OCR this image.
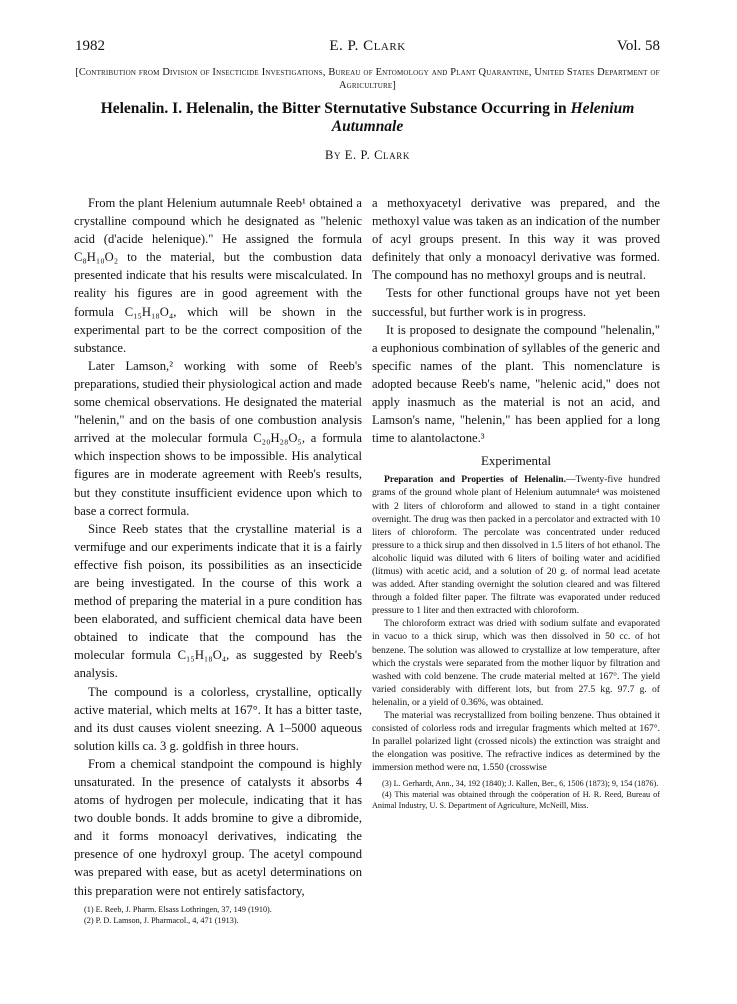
1982	E. P. Clark	Vol. 58
[Contribution from Division of Insecticide Investigations, Bureau of Entomology and Plant Quarantine, United States Department of Agriculture]
Helenalin. I. Helenalin, the Bitter Sternutative Substance Occurring in Helenium Autumnale
By E. P. Clark

From the plant Helenium autumnale Reeb¹ obtained a crystalline compound which he designated as "helenic acid (d'acide helenique)." He assigned the formula C₈H₁₀O₂ to the material, but the combustion data presented indicate that his results were miscalculated. In reality his figures are in good agreement with the formula C₁₅H₁₈O₄, which will be shown in the experimental part to be the correct composition of the substance.

Later Lamson,² working with some of Reeb's preparations, studied their physiological action and made some chemical observations. He designated the material "helenin," and on the basis of one combustion analysis arrived at the molecular formula C₂₀H₂₈O₅, a formula which inspection shows to be impossible. His analytical figures are in moderate agreement with Reeb's results, but they constitute insufficient evidence upon which to base a correct formula.

Since Reeb states that the crystalline material is a vermifuge and our experiments indicate that it is a fairly effective fish poison, its possibilities as an insecticide are being investigated. In the course of this work a method of preparing the material in a pure condition has been elaborated, and sufficient chemical data have been obtained to indicate that the compound has the molecular formula C₁₅H₁₈O₄, as suggested by Reeb's analysis.

The compound is a colorless, crystalline, optically active material, which melts at 167°. It has a bitter taste, and its dust causes violent sneezing. A 1–5000 aqueous solution kills ca. 3 g. goldfish in three hours.

From a chemical standpoint the compound is highly unsaturated. In the presence of catalysts it absorbs 4 atoms of hydrogen per molecule, indicating that it has two double bonds. It adds bromine to give a dibromide, and it forms monoacyl derivatives, indicating the presence of one hydroxyl group. The acetyl compound was prepared with ease, but as acetyl determinations on this preparation were not entirely satisfactory,

(1) E. Reeb, J. Pharm. Elsass Lothringen, 37, 149 (1910).

(2) P. D. Lamson, J. Pharmacol., 4, 471 (1913).

a methoxyacetyl derivative was prepared, and the methoxyl value was taken as an indication of the number of acyl groups present. In this way it was proved definitely that only a monoacyl derivative was formed. The compound has no methoxyl groups and is neutral.

Tests for other functional groups have not yet been successful, but further work is in progress.

It is proposed to designate the compound "helenalin," a euphonious combination of syllables of the generic and specific names of the plant. This nomenclature is adopted because Reeb's name, "helenic acid," does not apply inasmuch as the material is not an acid, and Lamson's name, "helenin," has been applied for a long time to alantolactone.³

Experimental

Preparation and Properties of Helenalin.—Twenty-five hundred grams of the ground whole plant of Helenium autumnale⁴ was moistened with 2 liters of chloroform and allowed to stand in a tight container overnight. The drug was then packed in a percolator and extracted with 10 liters of chloroform. The percolate was concentrated under reduced pressure to a thick sirup and then dissolved in 1.5 liters of hot ethanol. The alcoholic liquid was diluted with 6 liters of boiling water and acidified (litmus) with acetic acid, and a solution of 20 g. of normal lead acetate was added. After standing overnight the solution cleared and was filtered through a folded filter paper. The filtrate was evaporated under reduced pressure to 1 liter and then extracted with chloroform.

The chloroform extract was dried with sodium sulfate and evaporated in vacuo to a thick sirup, which was then dissolved in 50 cc. of hot benzene. The solution was allowed to crystallize at low temperature, after which the crystals were separated from the mother liquor by filtration and washed with cold benzene. The crude material melted at 167°. The yield varied considerably with different lots, but from 27.5 kg. 97.7 g. of helenalin, or a yield of 0.36%, was obtained.

The material was recrystallized from boiling benzene. Thus obtained it consisted of colorless rods and irregular fragments which melted at 167°. In parallel polarized light (crossed nicols) the extinction was straight and the elongation was positive. The refractive indices as determined by the immersion method were nα, 1.550 (crosswise

(3) L. Gerhardt, Ann., 34, 192 (1840); J. Kallen, Ber., 6, 1506 (1873); 9, 154 (1876).

(4) This material was obtained through the coöperation of H. R. Reed, Bureau of Animal Industry, U. S. Department of Agriculture, McNeill, Miss.
